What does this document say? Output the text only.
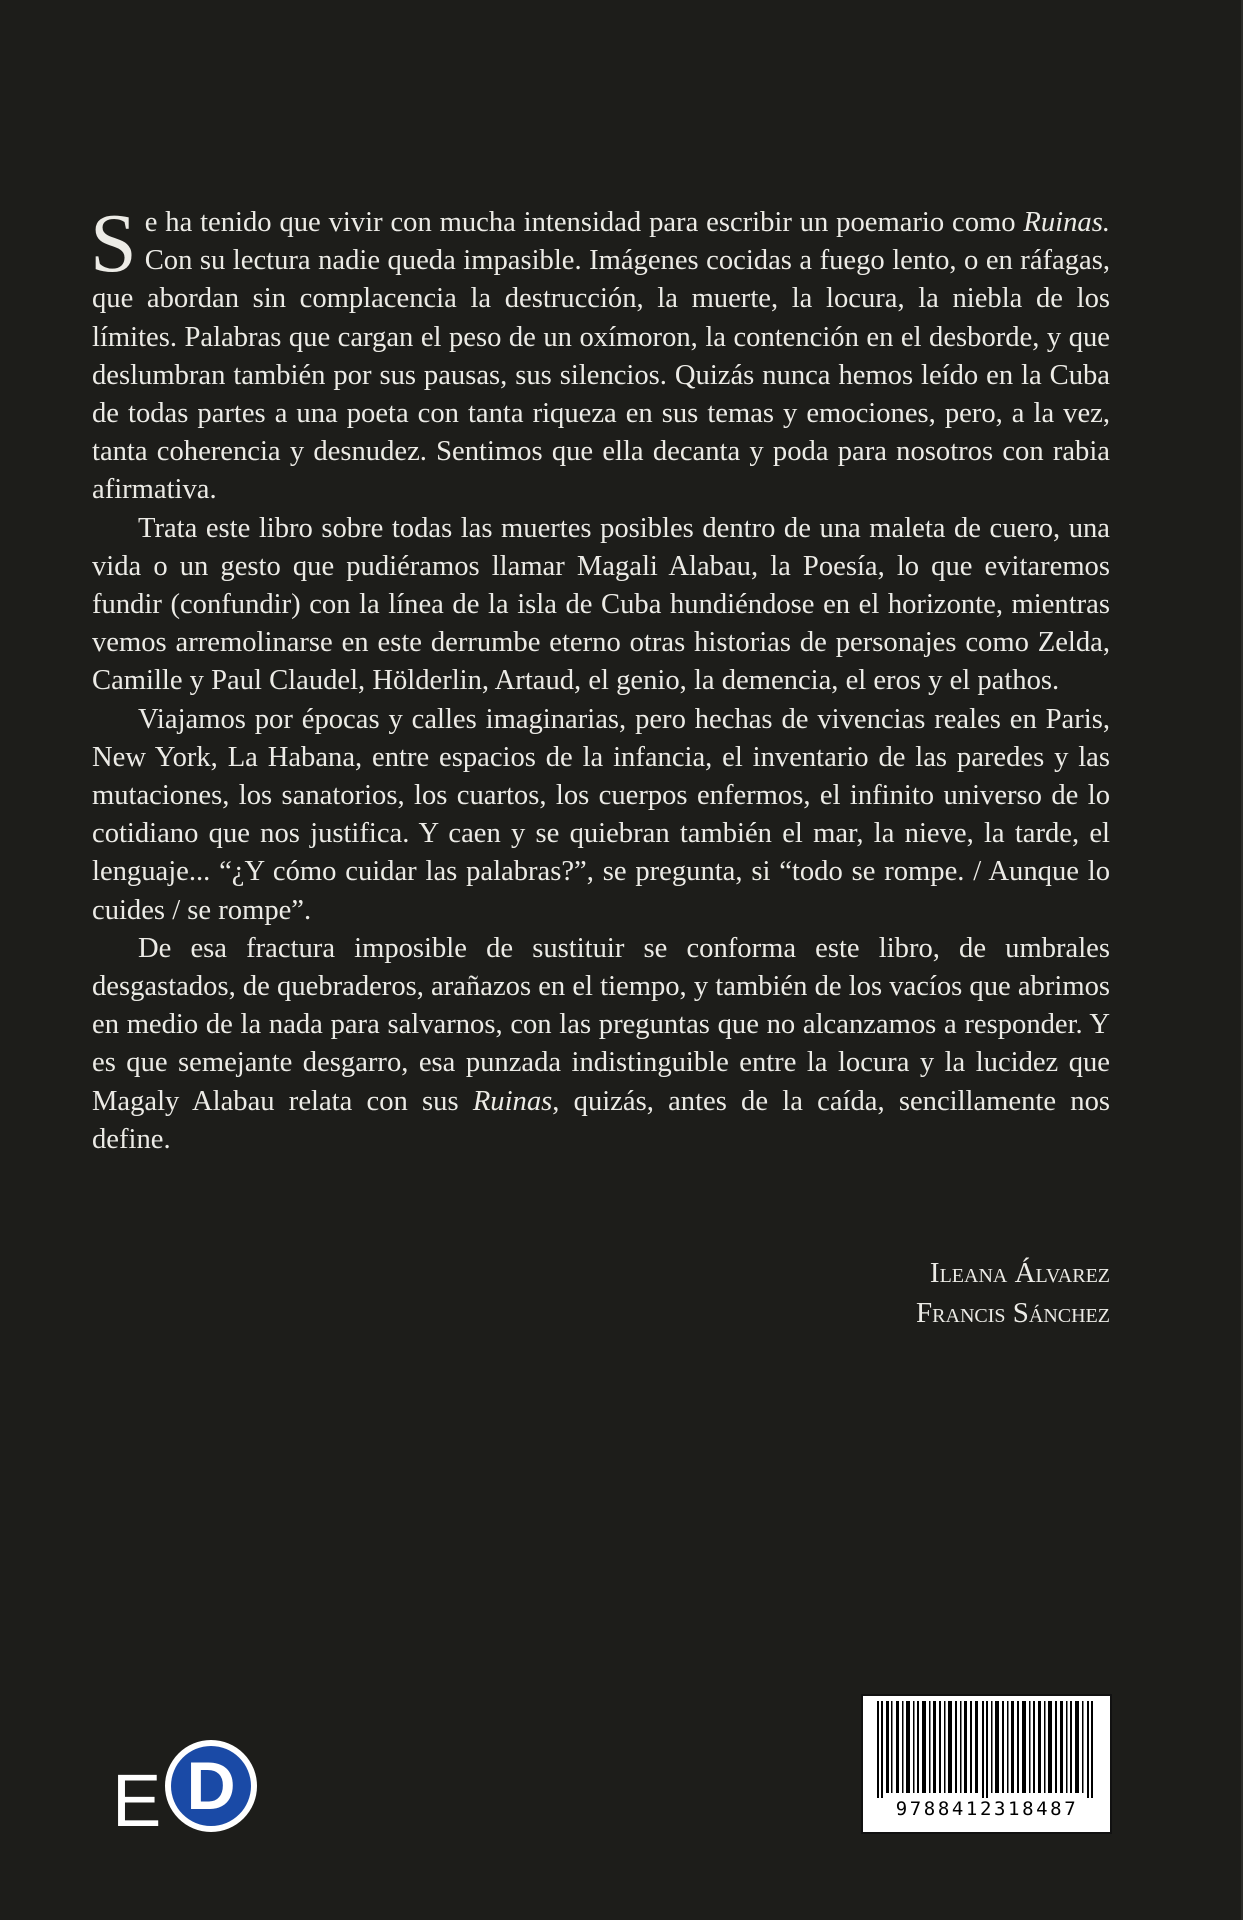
Se ha tenido que vivir con mucha intensidad para escribir un poemario como Ruinas. Con su lectura nadie queda impasible. Imágenes cocidas a fuego lento, o en ráfagas, que abordan sin complacencia la destrucción, la muerte, la locura, la niebla de los límites. Palabras que cargan el peso de un oxímoron, la contención en el desborde, y que deslumbran también por sus pausas, sus silencios. Quizás nunca hemos leído en la Cuba de todas partes a una poeta con tanta riqueza en sus temas y emociones, pero, a la vez, tanta coherencia y desnudez. Sentimos que ella decanta y poda para nosotros con rabia afirmativa.

Trata este libro sobre todas las muertes posibles dentro de una maleta de cuero, una vida o un gesto que pudiéramos llamar Magali Alabau, la Poesía, lo que evitaremos fundir (confundir) con la línea de la isla de Cuba hundiéndose en el horizonte, mientras vemos arremolinarse en este derrumbe eterno otras historias de personajes como Zelda, Camille y Paul Claudel, Hölderlin, Artaud, el genio, la demencia, el eros y el pathos.

Viajamos por épocas y calles imaginarias, pero hechas de vivencias reales en Paris, New York, La Habana, entre espacios de la infancia, el inventario de las paredes y las mutaciones, los sanatorios, los cuartos, los cuerpos enfermos, el infinito universo de lo cotidiano que nos justifica. Y caen y se quiebran también el mar, la nieve, la tarde, el lenguaje... “¿Y cómo cuidar las palabras?”, se pregunta, si “todo se rompe. / Aunque lo cuides / se rompe”.

De esa fractura imposible de sustituir se conforma este libro, de umbrales desgastados, de quebraderos, arañazos en el tiempo, y también de los vacíos que abrimos en medio de la nada para salvarnos, con las preguntas que no alcanzamos a responder. Y es que semejante desgarro, esa punzada indistinguible entre la locura y la lucidez que Magaly Alabau relata con sus Ruinas, quizás, antes de la caída, sencillamente nos define.

Ileana Álvarez
Francis Sánchez
E D	9788412318487
